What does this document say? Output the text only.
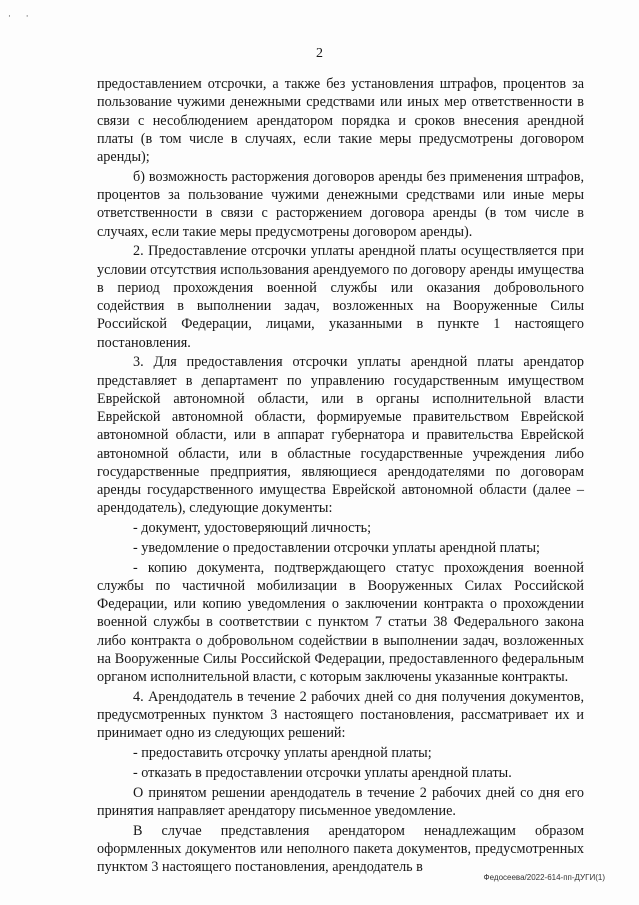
· ·
2

предоставлением отсрочки, а также без установления штрафов, процентов за пользование чужими денежными средствами или иных мер ответственности в связи с несоблюдением арендатором порядка и сроков внесения арендной платы (в том числе в случаях, если такие меры предусмотрены договором аренды);

б) возможность расторжения договоров аренды без применения штрафов, процентов за пользование чужими денежными средствами или иные меры ответственности в связи с расторжением договора аренды (в том числе в случаях, если такие меры предусмотрены договором аренды).

2. Предоставление отсрочки уплаты арендной платы осуществляется при условии отсутствия использования арендуемого по договору аренды имущества в период прохождения военной службы или оказания добровольного содействия в выполнении задач, возложенных на Вооруженные Силы Российской Федерации, лицами, указанными в пункте 1 настоящего постановления.

3. Для предоставления отсрочки уплаты арендной платы арендатор представляет в департамент по управлению государственным имуществом Еврейской автономной области, или в органы исполнительной власти Еврейской автономной области, формируемые правительством Еврейской автономной области, или в аппарат губернатора и правительства Еврейской автономной области, или в областные государственные учреждения либо государственные предприятия, являющиеся арендодателями по договорам аренды государственного имущества Еврейской автономной области (далее – арендодатель), следующие документы:

- документ, удостоверяющий личность;

- уведомление о предоставлении отсрочки уплаты арендной платы;

- копию документа, подтверждающего статус прохождения военной службы по частичной мобилизации в Вооруженных Силах Российской Федерации, или копию уведомления о заключении контракта о прохождении военной службы в соответствии с пунктом 7 статьи 38 Федерального закона либо контракта о добровольном содействии в выполнении задач, возложенных на Вооруженные Силы Российской Федерации, предоставленного федеральным органом исполнительной власти, с которым заключены указанные контракты.

4. Арендодатель в течение 2 рабочих дней со дня получения документов, предусмотренных пунктом 3 настоящего постановления, рассматривает их и принимает одно из следующих решений:

- предоставить отсрочку уплаты арендной платы;

- отказать в предоставлении отсрочки уплаты арендной платы.

О принятом решении арендодатель в течение 2 рабочих дней со дня его принятия направляет арендатору письменное уведомление.

В случае представления арендатором ненадлежащим образом оформленных документов или неполного пакета документов, предусмотренных пунктом 3 настоящего постановления, арендодатель в

Федосеева/2022-614-пп-ДУГИ(1)
